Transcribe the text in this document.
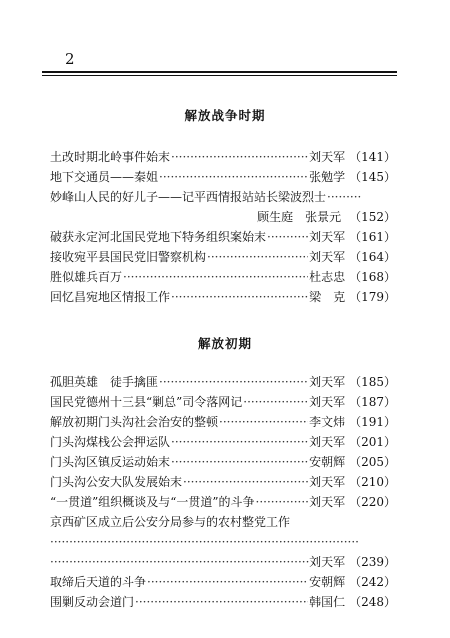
2
解放战争时期
土改时期北岭事件始末 ·····	刘天军 （141）
地下交通员——秦姐 ·····	张勉学 （145）
妙峰山人民的好儿子——记平西情报站站长梁波烈士
·····
顾生庭　张景元 （152）
破获永定河北国民党地下特务组织案始末 ·····	刘天军 （161）
接收宛平县国民党旧警察机构 ·····	刘天军 （164）
胜似雄兵百万 ·····	杜志忠 （168）
回忆昌宛地区情报工作 ·····	梁　克 （179）
解放初期
孤胆英雄　徒手擒匪 ·····	刘天军 （185）
国民党德州十三县“剿总”司令落网记 ·····	刘天军 （187）
解放初期门头沟社会治安的整顿 ·····	李文炜 （191）
门头沟煤栈公会押运队 ·····	刘天军 （201）
门头沟区镇反运动始末 ·····	安朝辉 （205）
门头沟公安大队发展始末 ·····	刘天军 （210）
“一贯道”组织概谈及与“一贯道”的斗争 ·····	刘天军 （220）
京西矿区成立后公安分局参与的农村整党工作
·····
·····
刘天军 （239）
取缔后天道的斗争 ·····	安朝辉 （242）
围剿反动会道门 ·····	韩国仁 （248）
